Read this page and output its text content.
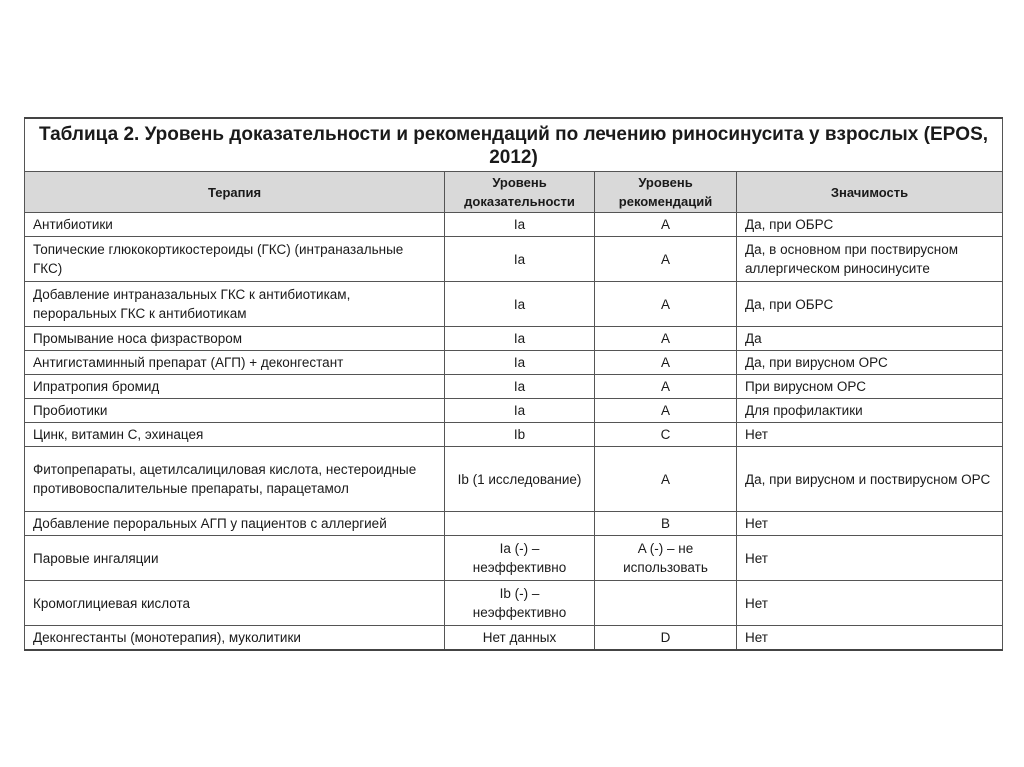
Таблица 2. Уровень доказательности и рекомендаций по лечению риносинусита у взрослых (EPOS, 2012)			
Терапия	Уровень доказательности	Уровень рекомендаций	Значимость
Антибиотики	Ia	A	Да, при ОБРС
Топические глюкокортикостероиды (ГКС) (интраназальные ГКС)	Ia	A	Да, в основном при поствирусном аллергическом риносинусите
Добавление интраназальных ГКС к антибиотикам, пероральных ГКС к антибиотикам	Ia	A	Да, при ОБРС
Промывание носа физраствором	Ia	A	Да
Антигистаминный препарат (АГП) + деконгестант	Ia	A	Да, при вирусном ОРС
Ипратропия бромид	Ia	A	При вирусном ОРС
Пробиотики	Ia	A	Для профилактики
Цинк, витамин С, эхинацея	Ib	C	Нет
Фитопрепараты, ацетилсалициловая кислота, нестероидные противовоспалительные препараты, парацетамол	Ib (1 исследование)	A	Да, при вирусном и поствирусном ОРС
Добавление пероральных АГП у пациентов с аллергией		B	Нет
Паровые ингаляции	Ia (-) – неэффективно	A (-) – не использовать	Нет
Кромоглициевая кислота	Ib (-) – неэффективно		Нет
Деконгестанты (монотерапия), муколитики	Нет данных	D	Нет
